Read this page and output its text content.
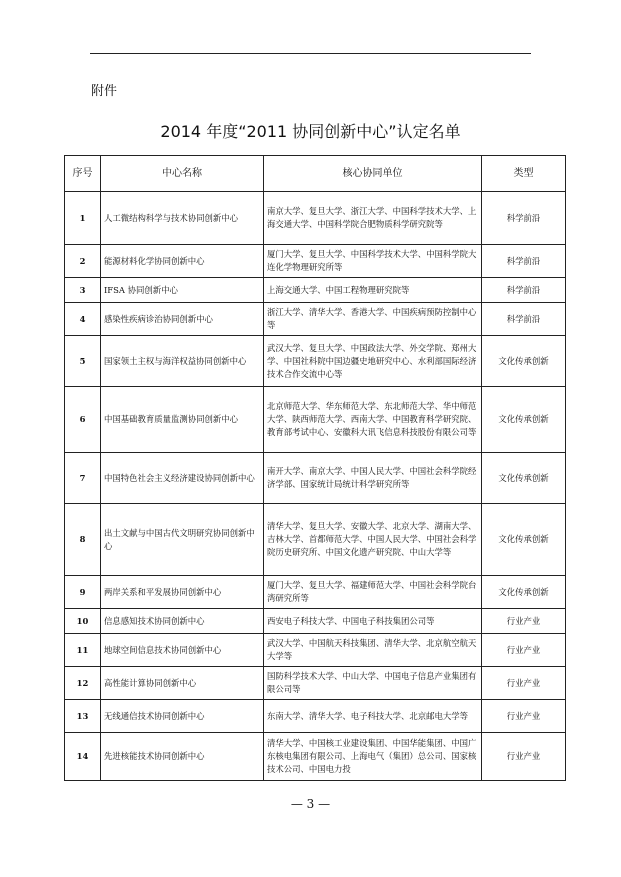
附件
2014 年度“2011 协同创新中心”认定名单
序号	中心名称	核心协同单位	类型
1	人工微结构科学与技术协同创新中心	南京大学、复旦大学、浙江大学、中国科学技术大学、上海交通大学、中国科学院合肥物质科学研究院等	科学前沿
2	能源材料化学协同创新中心	厦门大学、复旦大学、中国科学技术大学、中国科学院大连化学物理研究所等	科学前沿
3	IFSA 协同创新中心	上海交通大学、中国工程物理研究院等	科学前沿
4	感染性疾病诊治协同创新中心	浙江大学、清华大学、香港大学、中国疾病预防控制中心等	科学前沿
5	国家领土主权与海洋权益协同创新中心	武汉大学、复旦大学、中国政法大学、外交学院、郑州大学、中国社科院中国边疆史地研究中心、水利部国际经济技术合作交流中心等	文化传承创新
6	中国基础教育质量监测协同创新中心	北京师范大学、华东师范大学、东北师范大学、华中师范大学、陕西师范大学、西南大学、中国教育科学研究院、教育部考试中心、安徽科大讯飞信息科技股份有限公司等	文化传承创新
7	中国特色社会主义经济建设协同创新中心	南开大学、南京大学、中国人民大学、中国社会科学院经济学部、国家统计局统计科学研究所等	文化传承创新
8	出土文献与中国古代文明研究协同创新中心	清华大学、复旦大学、安徽大学、北京大学、湖南大学、吉林大学、首都师范大学、中国人民大学、中国社会科学院历史研究所、中国文化遗产研究院、中山大学等	文化传承创新
9	两岸关系和平发展协同创新中心	厦门大学、复旦大学、福建师范大学、中国社会科学院台湾研究所等	文化传承创新
10	信息感知技术协同创新中心	西安电子科技大学、中国电子科技集团公司等	行业产业
11	地球空间信息技术协同创新中心	武汉大学、中国航天科技集团、清华大学、北京航空航天大学等	行业产业
12	高性能计算协同创新中心	国防科学技术大学、中山大学、中国电子信息产业集团有限公司等	行业产业
13	无线通信技术协同创新中心	东南大学、清华大学、电子科技大学、北京邮电大学等	行业产业
14	先进核能技术协同创新中心	清华大学、中国核工业建设集团、中国华能集团、中国广东核电集团有限公司、上海电气（集团）总公司、国家核技术公司、中国电力投	行业产业
— 3 —
